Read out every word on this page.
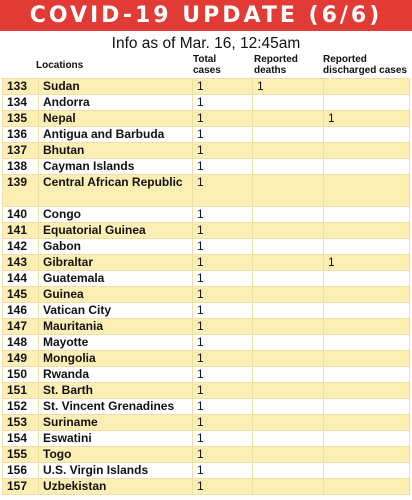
COVID-19 UPDATE (6/6)
Info as of Mar. 16, 12:45am
Locations
Total cases
Reported deaths
Reported discharged cases
133	Sudan	1	1	
134	Andorra	1		
135	Nepal	1		1
136	Antigua and Barbuda	1		
137	Bhutan	1		
138	Cayman Islands	1		
139	Central African Republic	1		
140	Congo	1		
141	Equatorial Guinea	1		
142	Gabon	1		
143	Gibraltar	1		1
144	Guatemala	1		
145	Guinea	1		
146	Vatican City	1		
147	Mauritania	1		
148	Mayotte	1		
149	Mongolia	1		
150	Rwanda	1		
151	St. Barth	1		
152	St. Vincent Grenadines	1		
153	Suriname	1		
154	Eswatini	1		
155	Togo	1		
156	U.S. Virgin Islands	1		
157	Uzbekistan	1		
